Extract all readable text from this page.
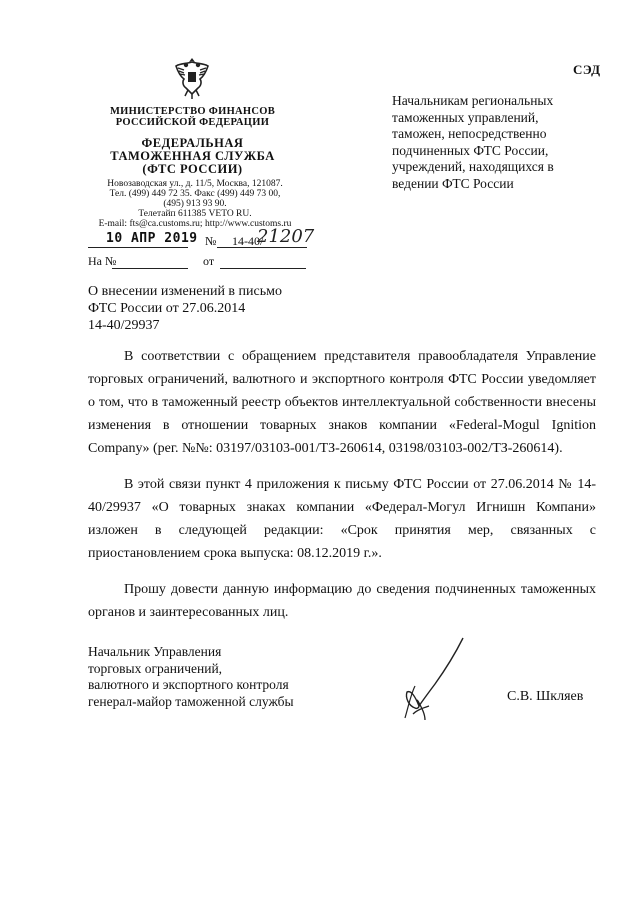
СЭД
МИНИСТЕРСТВО ФИНАНСОВ
РОССИЙСКОЙ ФЕДЕРАЦИИ
ФЕДЕРАЛЬНАЯ
ТАМОЖЕННАЯ СЛУЖБА
(ФТС РОССИИ)
Новозаводская ул., д. 11/5, Москва, 121087.
Тел. (499) 449 72 35. Факс (499) 449 73 00,
(495) 913 93 90.
Телетайп 611385 VETO RU.
E-mail: fts@ca.customs.ru; http://www.customs.ru
10 АПР 2019 № 14-40/
21207
На №	от
Начальникам региональных
таможенных управлений,
таможен, непосредственно
подчиненных ФТС России,
учреждений, находящихся в
ведении ФТС России
О внесении изменений в письмо
ФТС России от 27.06.2014
14-40/29937

В соответствии с обращением представителя правообладателя Управление торговых ограничений, валютного и экспортного контроля ФТС России уведомляет о том, что в таможенный реестр объектов интеллектуальной собственности внесены изменения в отношении товарных знаков компании «Federal-Mogul Ignition Company» (рег. №№: 03197/03103-001/ТЗ-260614, 03198/03103-002/ТЗ-260614).

В этой связи пункт 4 приложения к письму ФТС России от 27.06.2014 № 14-40/29937 «О товарных знаках компании «Федерал-Могул Игнишн Компани» изложен в следующей редакции: «Срок принятия мер, связанных с приостановлением срока выпуска: 08.12.2019 г.».

Прошу довести данную информацию до сведения подчиненных таможенных органов и заинтересованных лиц.

Начальник Управления
торговых ограничений,
валютного и экспортного контроля
генерал-майор таможенной службы	С.В. Шкляев
